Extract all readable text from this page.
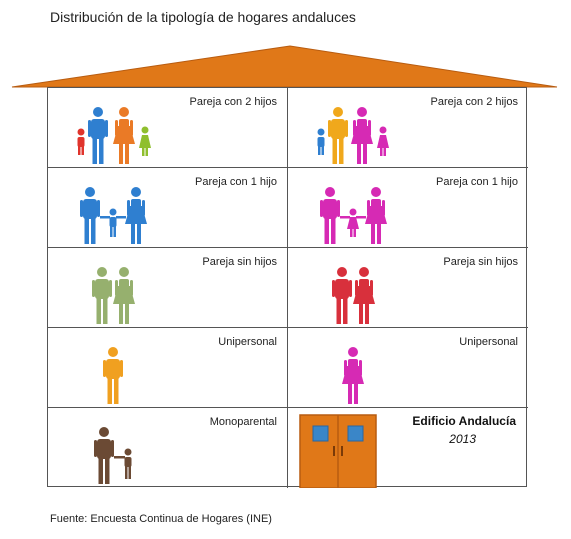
Distribución de la tipología de hogares andaluces
Pareja con 2 hijos	Pareja con 2 hijos
Pareja con 1 hijo	Pareja con 1 hijo
Pareja sin hijos	Pareja sin hijos
Unipersonal	Unipersonal
Monoparental	Edificio Andalucía
2013
Fuente: Encuesta Continua de Hogares (INE)
